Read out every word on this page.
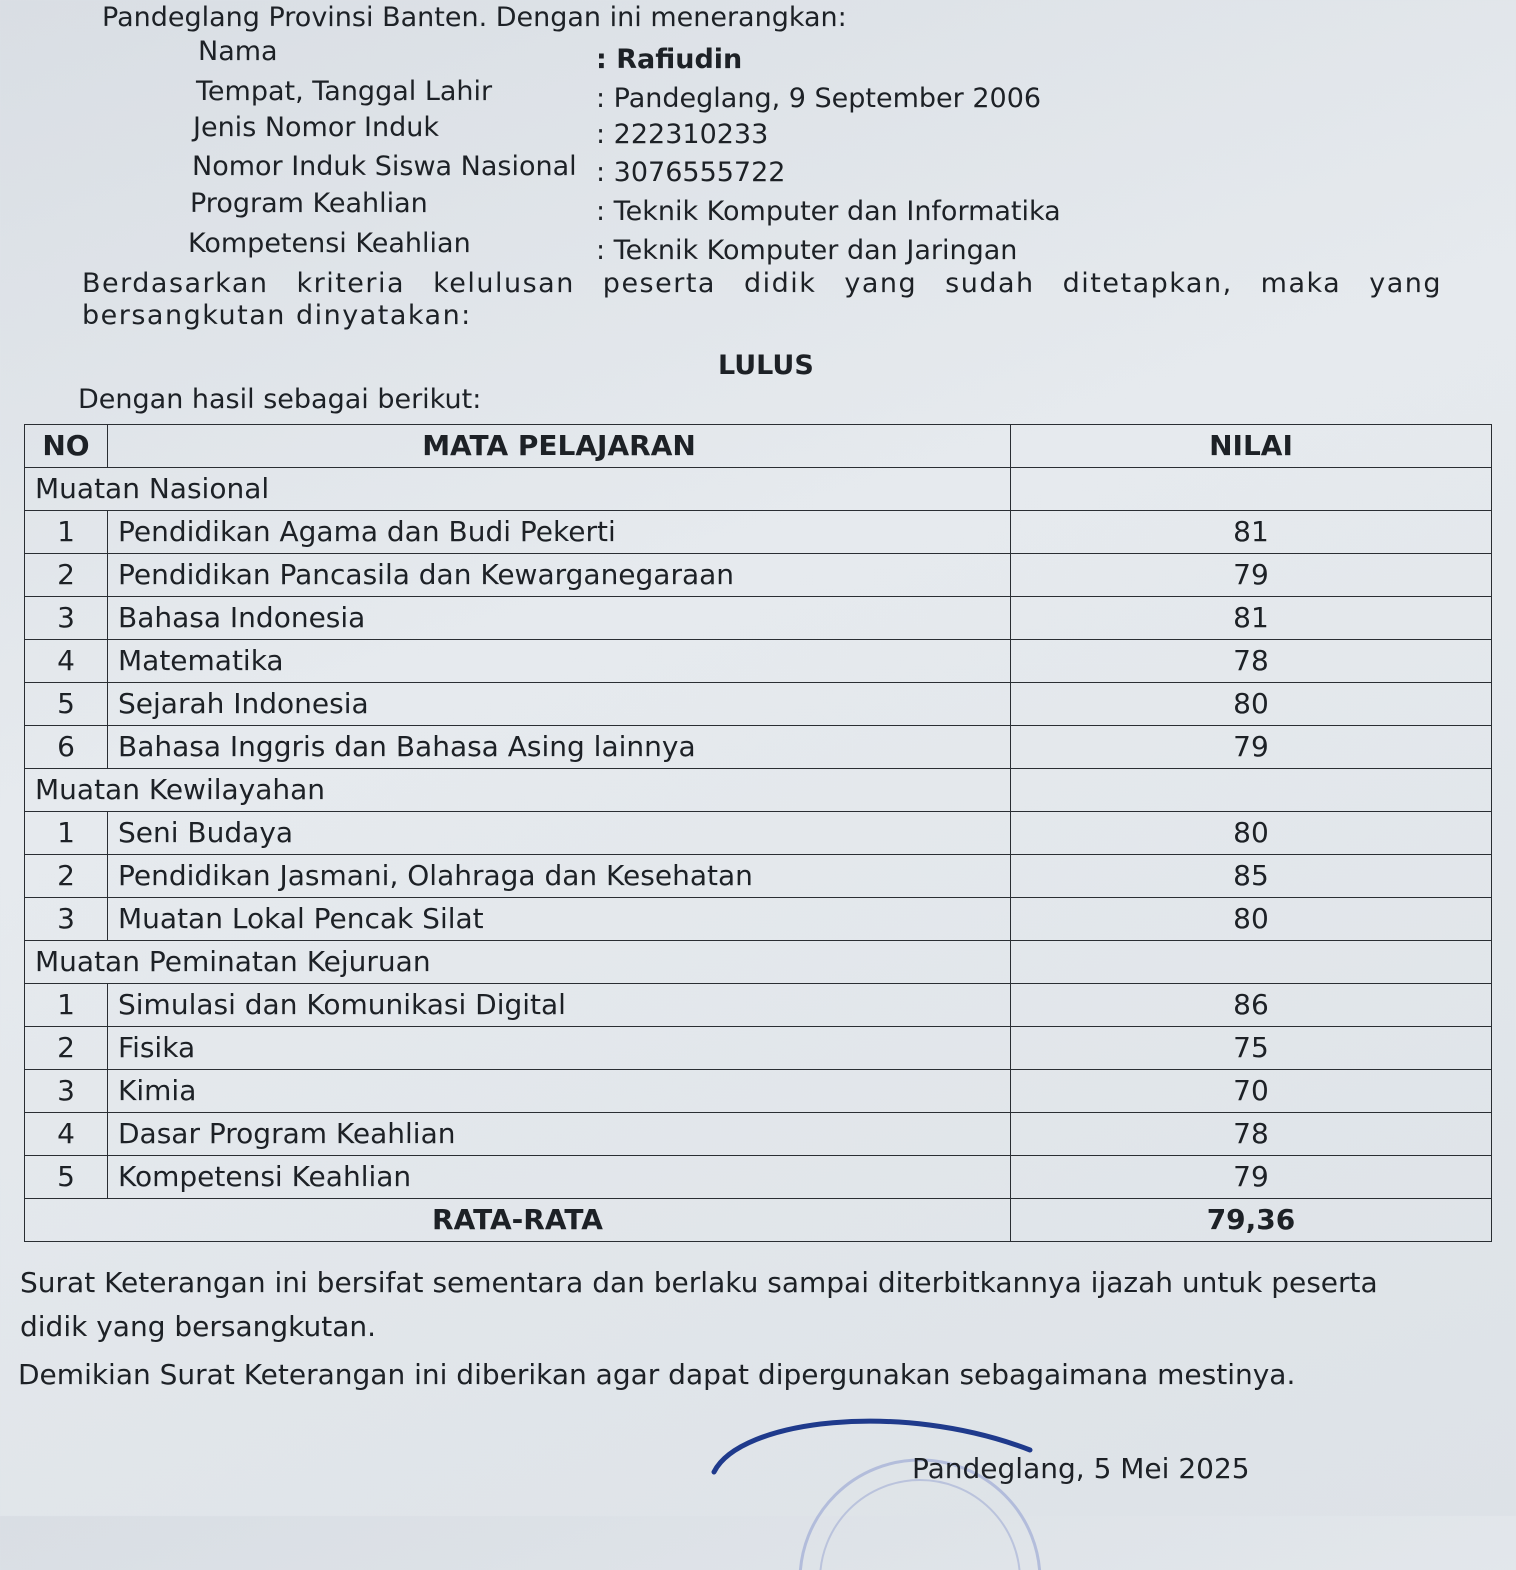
Pandeglang Provinsi Banten. Dengan ini menerangkan:
Nama	: Rafiudin
Tempat, Tanggal Lahir	: Pandeglang, 9 September 2006
Jenis Nomor Induk	: 222310233
Nomor Induk Siswa Nasional : 3076555722
Program Keahlian	: Teknik Komputer dan Informatika
Kompetensi Keahlian	: Teknik Komputer dan Jaringan
Berdasarkan kriteria kelulusan peserta didik yang sudah ditetapkan, maka yang bersangkutan dinyatakan:
LULUS
Dengan hasil sebagai berikut:
NO	MATA PELAJARAN	NILAI
Muatan Nasional		
1	Pendidikan Agama dan Budi Pekerti	81
2	Pendidikan Pancasila dan Kewarganegaraan	79
3	Bahasa Indonesia	81
4	Matematika	78
5	Sejarah Indonesia	80
6	Bahasa Inggris dan Bahasa Asing lainnya	79
Muatan Kewilayahan		
1	Seni Budaya	80
2	Pendidikan Jasmani, Olahraga dan Kesehatan	85
3	Muatan Lokal Pencak Silat	80
Muatan Peminatan Kejuruan		
1	Simulasi dan Komunikasi Digital	86
2	Fisika	75
3	Kimia	70
4	Dasar Program Keahlian	78
5	Kompetensi Keahlian	79
RATA-RATA		79,36
Surat Keterangan ini bersifat sementara dan berlaku sampai diterbitkannya ijazah untuk peserta
didik yang bersangkutan.
Demikian Surat Keterangan ini diberikan agar dapat dipergunakan sebagaimana mestinya.
Pandeglang, 5 Mei 2025
